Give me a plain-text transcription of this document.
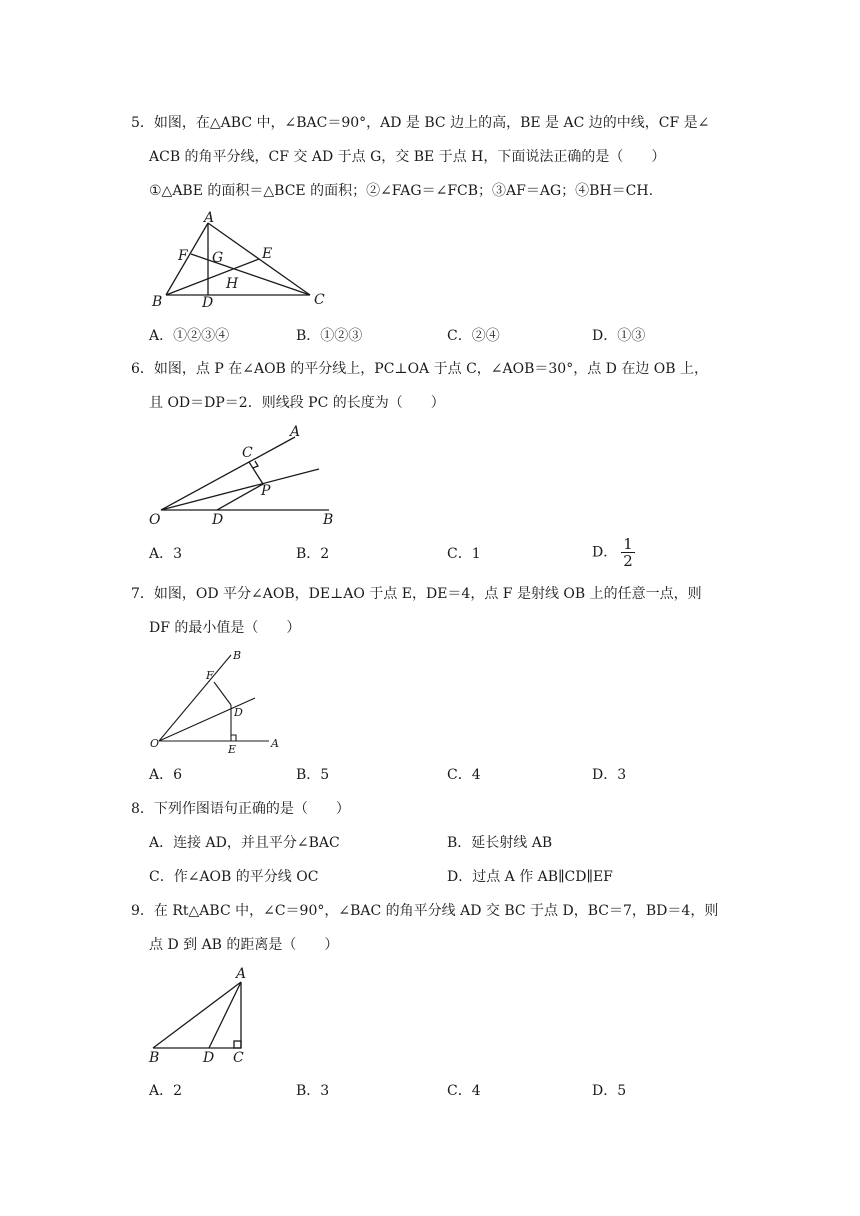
5．如图，在△ABC 中，∠BAC＝90°，AD 是 BC 边上的高，BE 是 AC 边的中线，CF 是∠
ACB 的角平分线，CF 交 AD 于点 G，交 BE 于点 H，下面说法正确的是（　　）
①△ABE 的面积＝△BCE 的面积；②∠FAG＝∠FCB；③AF＝AG；④BH＝CH.
A
F G	E
H
B	D	C
A．①②③④	B．①②③	C．②④	D．①③
6．如图，点 P 在∠AOB 的平分线上，PC⊥OA 于点 C，∠AOB＝30°，点 D 在边 OB 上，
且 OD＝DP＝2．则线段 PC 的长度为（　　）
A
C
P
O	D	B
A．3	B．2	C．1	D． $\frac{1}{2}$
7．如图，OD 平分∠AOB，DE⊥AO 于点 E，DE＝4，点 F 是射线 OB 上的任意一点，则
DF 的最小值是（　　）
B
F
D
O	E	A
A．6	B．5	C．4	D．3
8．下列作图语句正确的是（　　）
A．连接 AD，并且平分∠BAC	B．延长射线 AB
C．作∠AOB 的平分线 OC	D．过点 A 作 AB∥CD∥EF
9．在 Rt△ABC 中，∠C＝90°，∠BAC 的角平分线 AD 交 BC 于点 D，BC＝7，BD＝4，则
点 D 到 AB 的距离是（　　）
A
B	D C
A．2	B．3	C．4	D．5
